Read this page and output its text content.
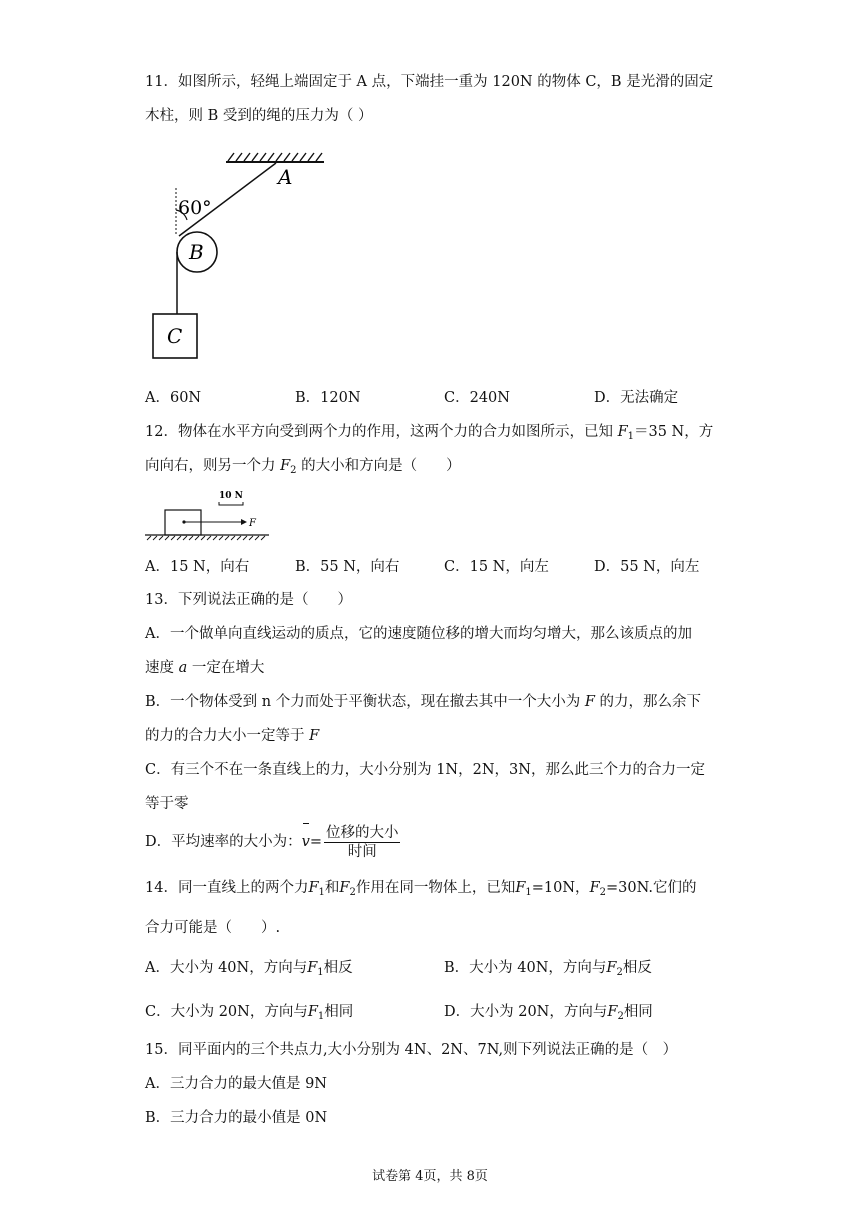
11．如图所示，轻绳上端固定于 A 点，下端挂一重为 120N 的物体 C，B 是光滑的固定
木柱，则 B 受到的绳的压力为（ ）
A
60°
B
C
A．60N	B．120N	C．240N	D．无法确定
12．物体在水平方向受到两个力的作用，这两个力的合力如图所示，已知 $F_1=35$ N，方
向向右，则另一个力 $F_2$ 的大小和方向是（　　）
10 N
F
A．15 N，向右	B．55 N，向右	C．15 N，向左	D．55 N，向左
13．下列说法正确的是（　　）
A．一个做单向直线运动的质点，它的速度随位移的增大而均匀增大，那么该质点的加
速度 a 一定在增大
B．一个物体受到 n 个力而处于平衡状态，现在撤去其中一个大小为 F 的力，那么余下
的力的合力大小一定等于 F
C．有三个不在一条直线上的力，大小分别为 1N，2N，3N，那么此三个力的合力一定
等于零
D．平均速率的大小为：$v= \frac{\text{位移的大小}}{\text{时间}}$
14．同一直线上的两个力$F_1$和$F_2$作用在同一物体上，已知$F_1=10N$，$F_2=30N$.它们的
合力可能是（　　）.
A．大小为 40N，方向与$F_1$相反	B．大小为 40N，方向与$F_2$相反
C．大小为 20N，方向与$F_1$相同	D．大小为 20N，方向与$F_2$相同
15．同平面内的三个共点力,大小分别为 4N、2N、7N,则下列说法正确的是（　）
A．三力合力的最大值是 9N
B．三力合力的最小值是 0N
试卷第 4页，共 8页
